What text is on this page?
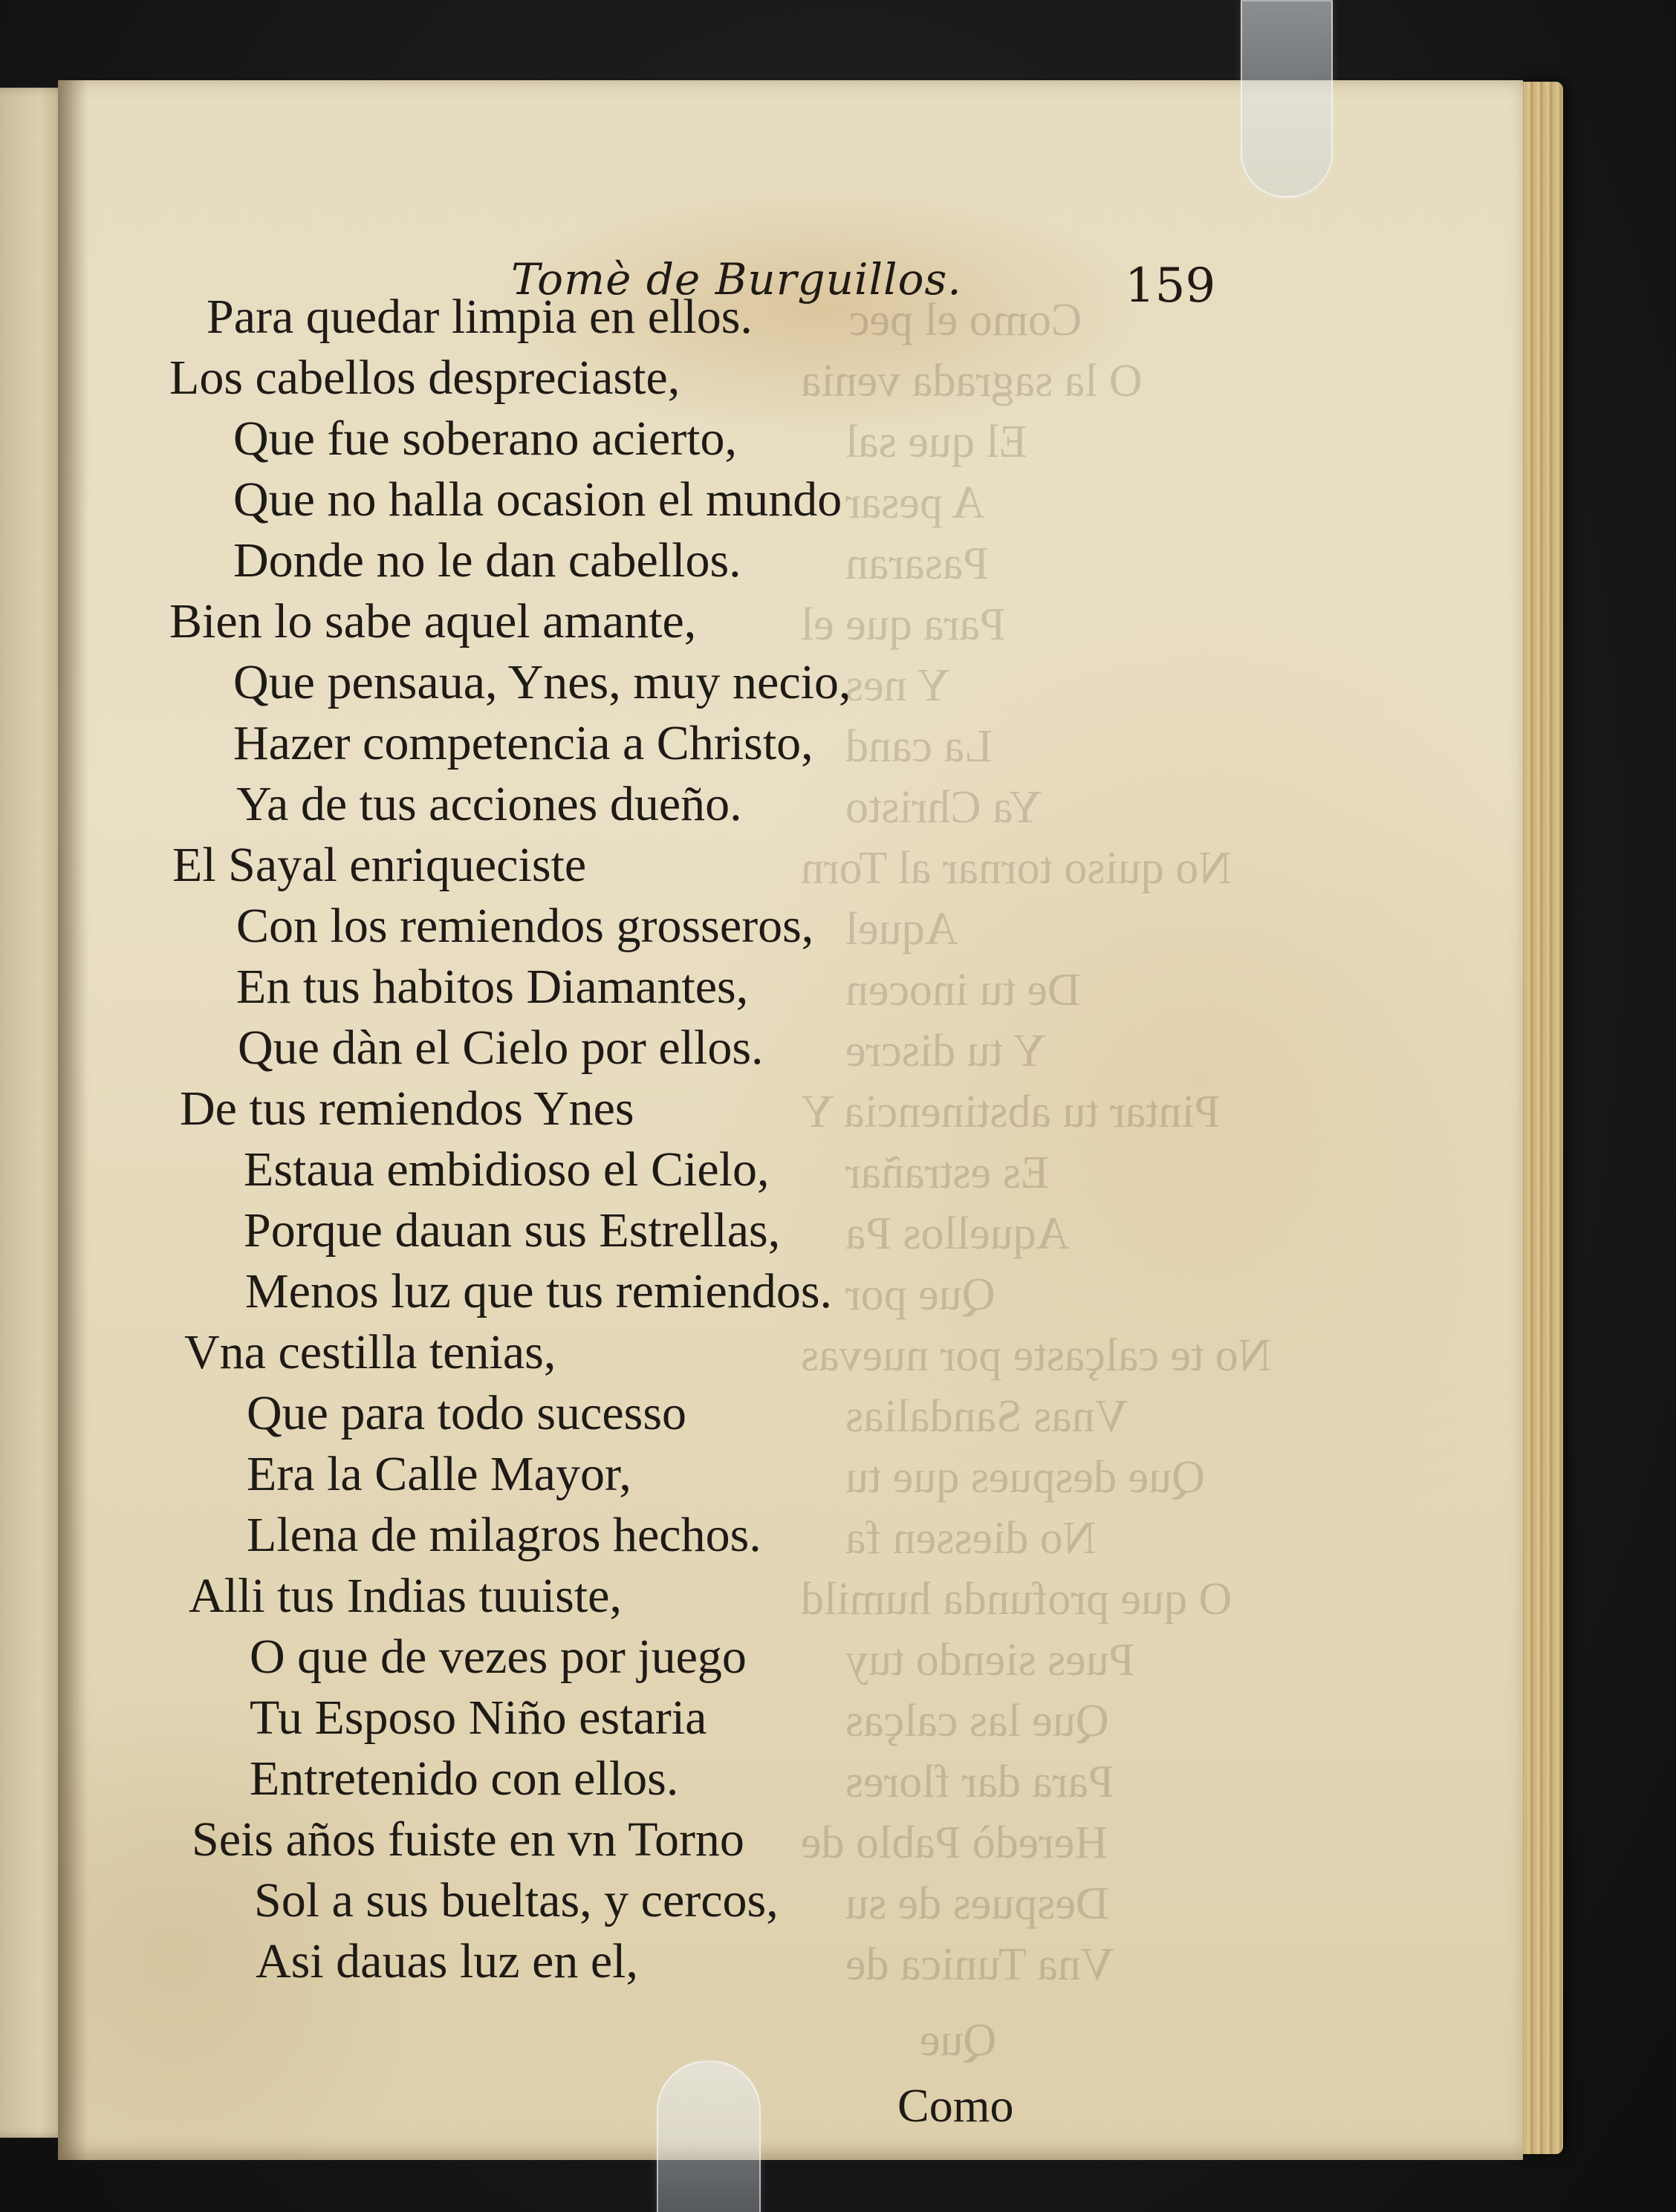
Como el pec
O la sagrada venia
El que sal
A pesar
Pasaran
Para que el
Y nes
La cand
Ya Christo
No quiso tornar al Torn
Aquel
De tu inocen
Y tu discre
Pintar tu abstinencia Y
Es estrañar
Aquellos Pa
Que por
No te calçaste por nuevas
Vnas Sandalias
Que despues que tu
No diessen fa
O que profunda humild
Pues siendo tuy
Que las calças
Para dar flores
Heredò Pablo de
Despues de su
Vna Tunica de
Que
Tomè de Burguillos.	159
Para quedar limpia en ellos.
Los cabellos despreciaste,
Que fue soberano acierto,
Que no halla ocasion el mundo
Donde no le dan cabellos.
Bien lo sabe aquel amante,
Que pensaua, Ynes, muy necio,
Hazer competencia a Christo,
Ya de tus acciones dueño.
El Sayal enriqueciste
Con los remiendos grosseros,
En tus habitos Diamantes,
Que dàn el Cielo por ellos.
De tus remiendos Ynes
Estaua embidioso el Cielo,
Porque dauan sus Estrellas,
Menos luz que tus remiendos.
Vna cestilla tenias,
Que para todo sucesso
Era la Calle Mayor,
Llena de milagros hechos.
Alli tus Indias tuuiste,
O que de vezes por juego
Tu Esposo Niño estaria
Entretenido con ellos.
Seis años fuiste en vn Torno
Sol a sus bueltas, y cercos,
Asi dauas luz en el,
Como
